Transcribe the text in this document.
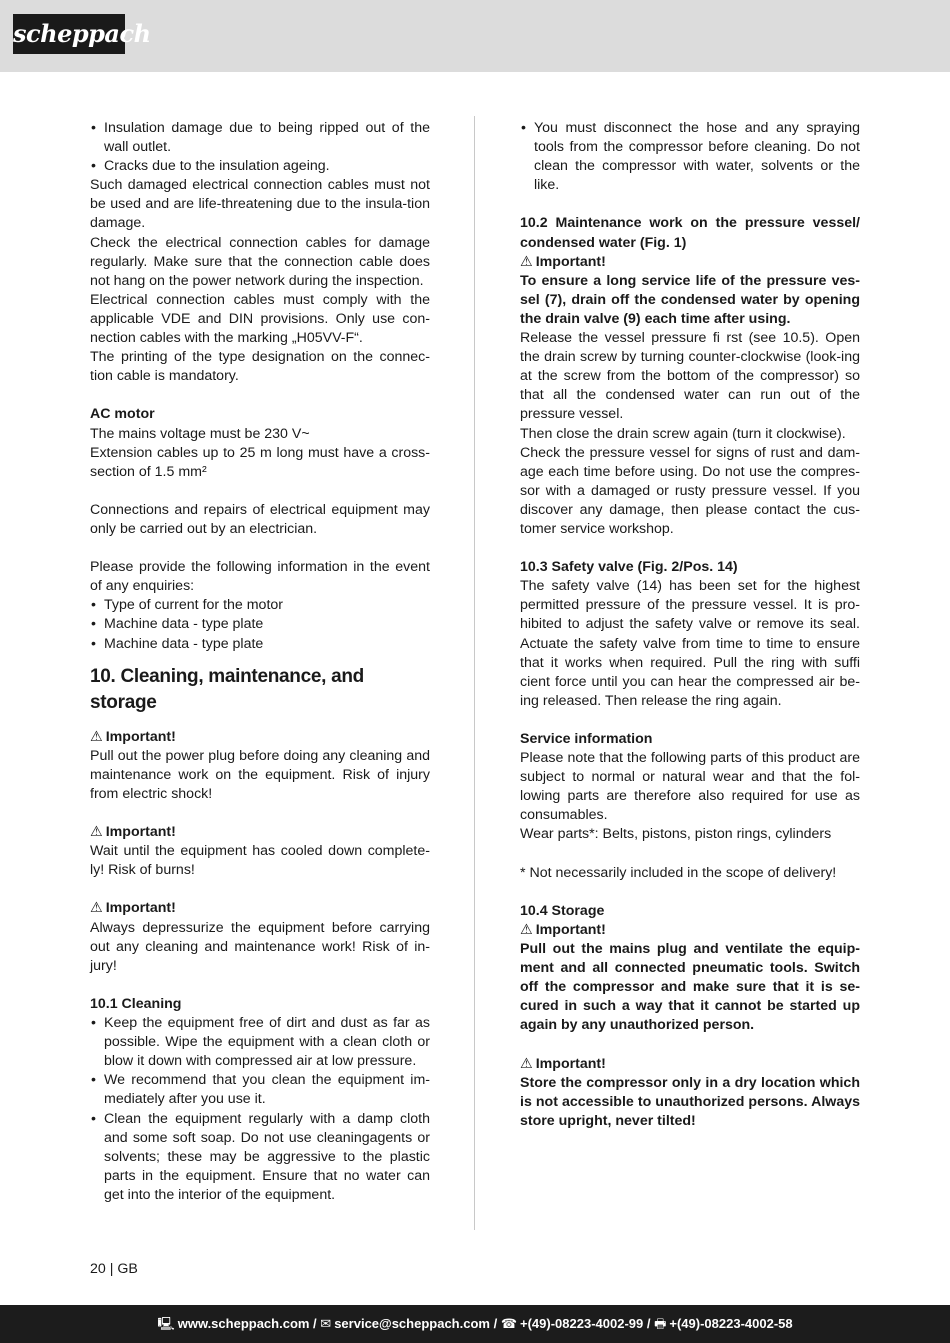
scheppach
• Insulation damage due to being ripped out of the wall outlet.
• Cracks due to the insulation ageing.

Such damaged electrical connection cables must not be used and are life-threatening due to the insula-tion damage.

Check the electrical connection cables for damage regularly. Make sure that the connection cable does not hang on the power network during the inspection.

Electrical connection cables must comply with the applicable VDE and DIN provisions. Only use con-nection cables with the marking „H05VV-F“.

The printing of the type designation on the connec-tion cable is mandatory.

AC motor

The mains voltage must be 230 V~

Extension cables up to 25 m long must have a cross-section of 1.5 mm²

Connections and repairs of electrical equipment may only be carried out by an electrician.

Please provide the following information in the event of any enquiries:

• Type of current for the motor
• Machine data - type plate
• Machine data - type plate
10. Cleaning, maintenance, and storage

⚠ Important!

Pull out the power plug before doing any cleaning and maintenance work on the equipment. Risk of injury from electric shock!

⚠ Important!

Wait until the equipment has cooled down complete-ly! Risk of burns!

⚠ Important!

Always depressurize the equipment before carrying out any cleaning and maintenance work! Risk of in-jury!

10.1 Cleaning

• Keep the equipment free of dirt and dust as far as possible. Wipe the equipment with a clean cloth or blow it down with compressed air at low pressure.
• We recommend that you clean the equipment im-mediately after you use it.
• Clean the equipment regularly with a damp cloth and some soft soap. Do not use cleaningagents or solvents; these may be aggressive to the plastic parts in the equipment. Ensure that no water can get into the interior of the equipment.
• You must disconnect the hose and any spraying tools from the compressor before cleaning. Do not clean the compressor with water, solvents or the like.

10.2 Maintenance work on the pressure vessel/ condensed water (Fig. 1)

⚠ Important!

To ensure a long service life of the pressure ves-sel (7), drain off the condensed water by opening the drain valve (9) each time after using.

Release the vessel pressure fi rst (see 10.5). Open the drain screw by turning counter-clockwise (look-ing at the screw from the bottom of the compressor) so that all the condensed water can run out of the pressure vessel.

Then close the drain screw again (turn it clockwise).

Check the pressure vessel for signs of rust and dam-age each time before using. Do not use the compres-sor with a damaged or rusty pressure vessel. If you discover any damage, then please contact the cus-tomer service workshop.

10.3 Safety valve (Fig. 2/Pos. 14)

The safety valve (14) has been set for the highest permitted pressure of the pressure vessel. It is pro-hibited to adjust the safety valve or remove its seal. Actuate the safety valve from time to time to ensure that it works when required. Pull the ring with suffi cient force until you can hear the compressed air be-ing released. Then release the ring again.

Service information

Please note that the following parts of this product are subject to normal or natural wear and that the fol-lowing parts are therefore also required for use as consumables.

Wear parts*: Belts, pistons, piston rings, cylinders

* Not necessarily included in the scope of delivery!

10.4 Storage

⚠ Important!

Pull out the mains plug and ventilate the equip-ment and all connected pneumatic tools. Switch off the compressor and make sure that it is se-cured in such a way that it cannot be started up again by any unauthorized person.

⚠ Important!

Store the compressor only in a dry location which is not accessible to unauthorized persons. Always store upright, never tilted!

20 | GB
🖳 www.scheppach.com / ✉ service@scheppach.com / ☎ +(49)-08223-4002-99 / 🖶 +(49)-08223-4002-58
